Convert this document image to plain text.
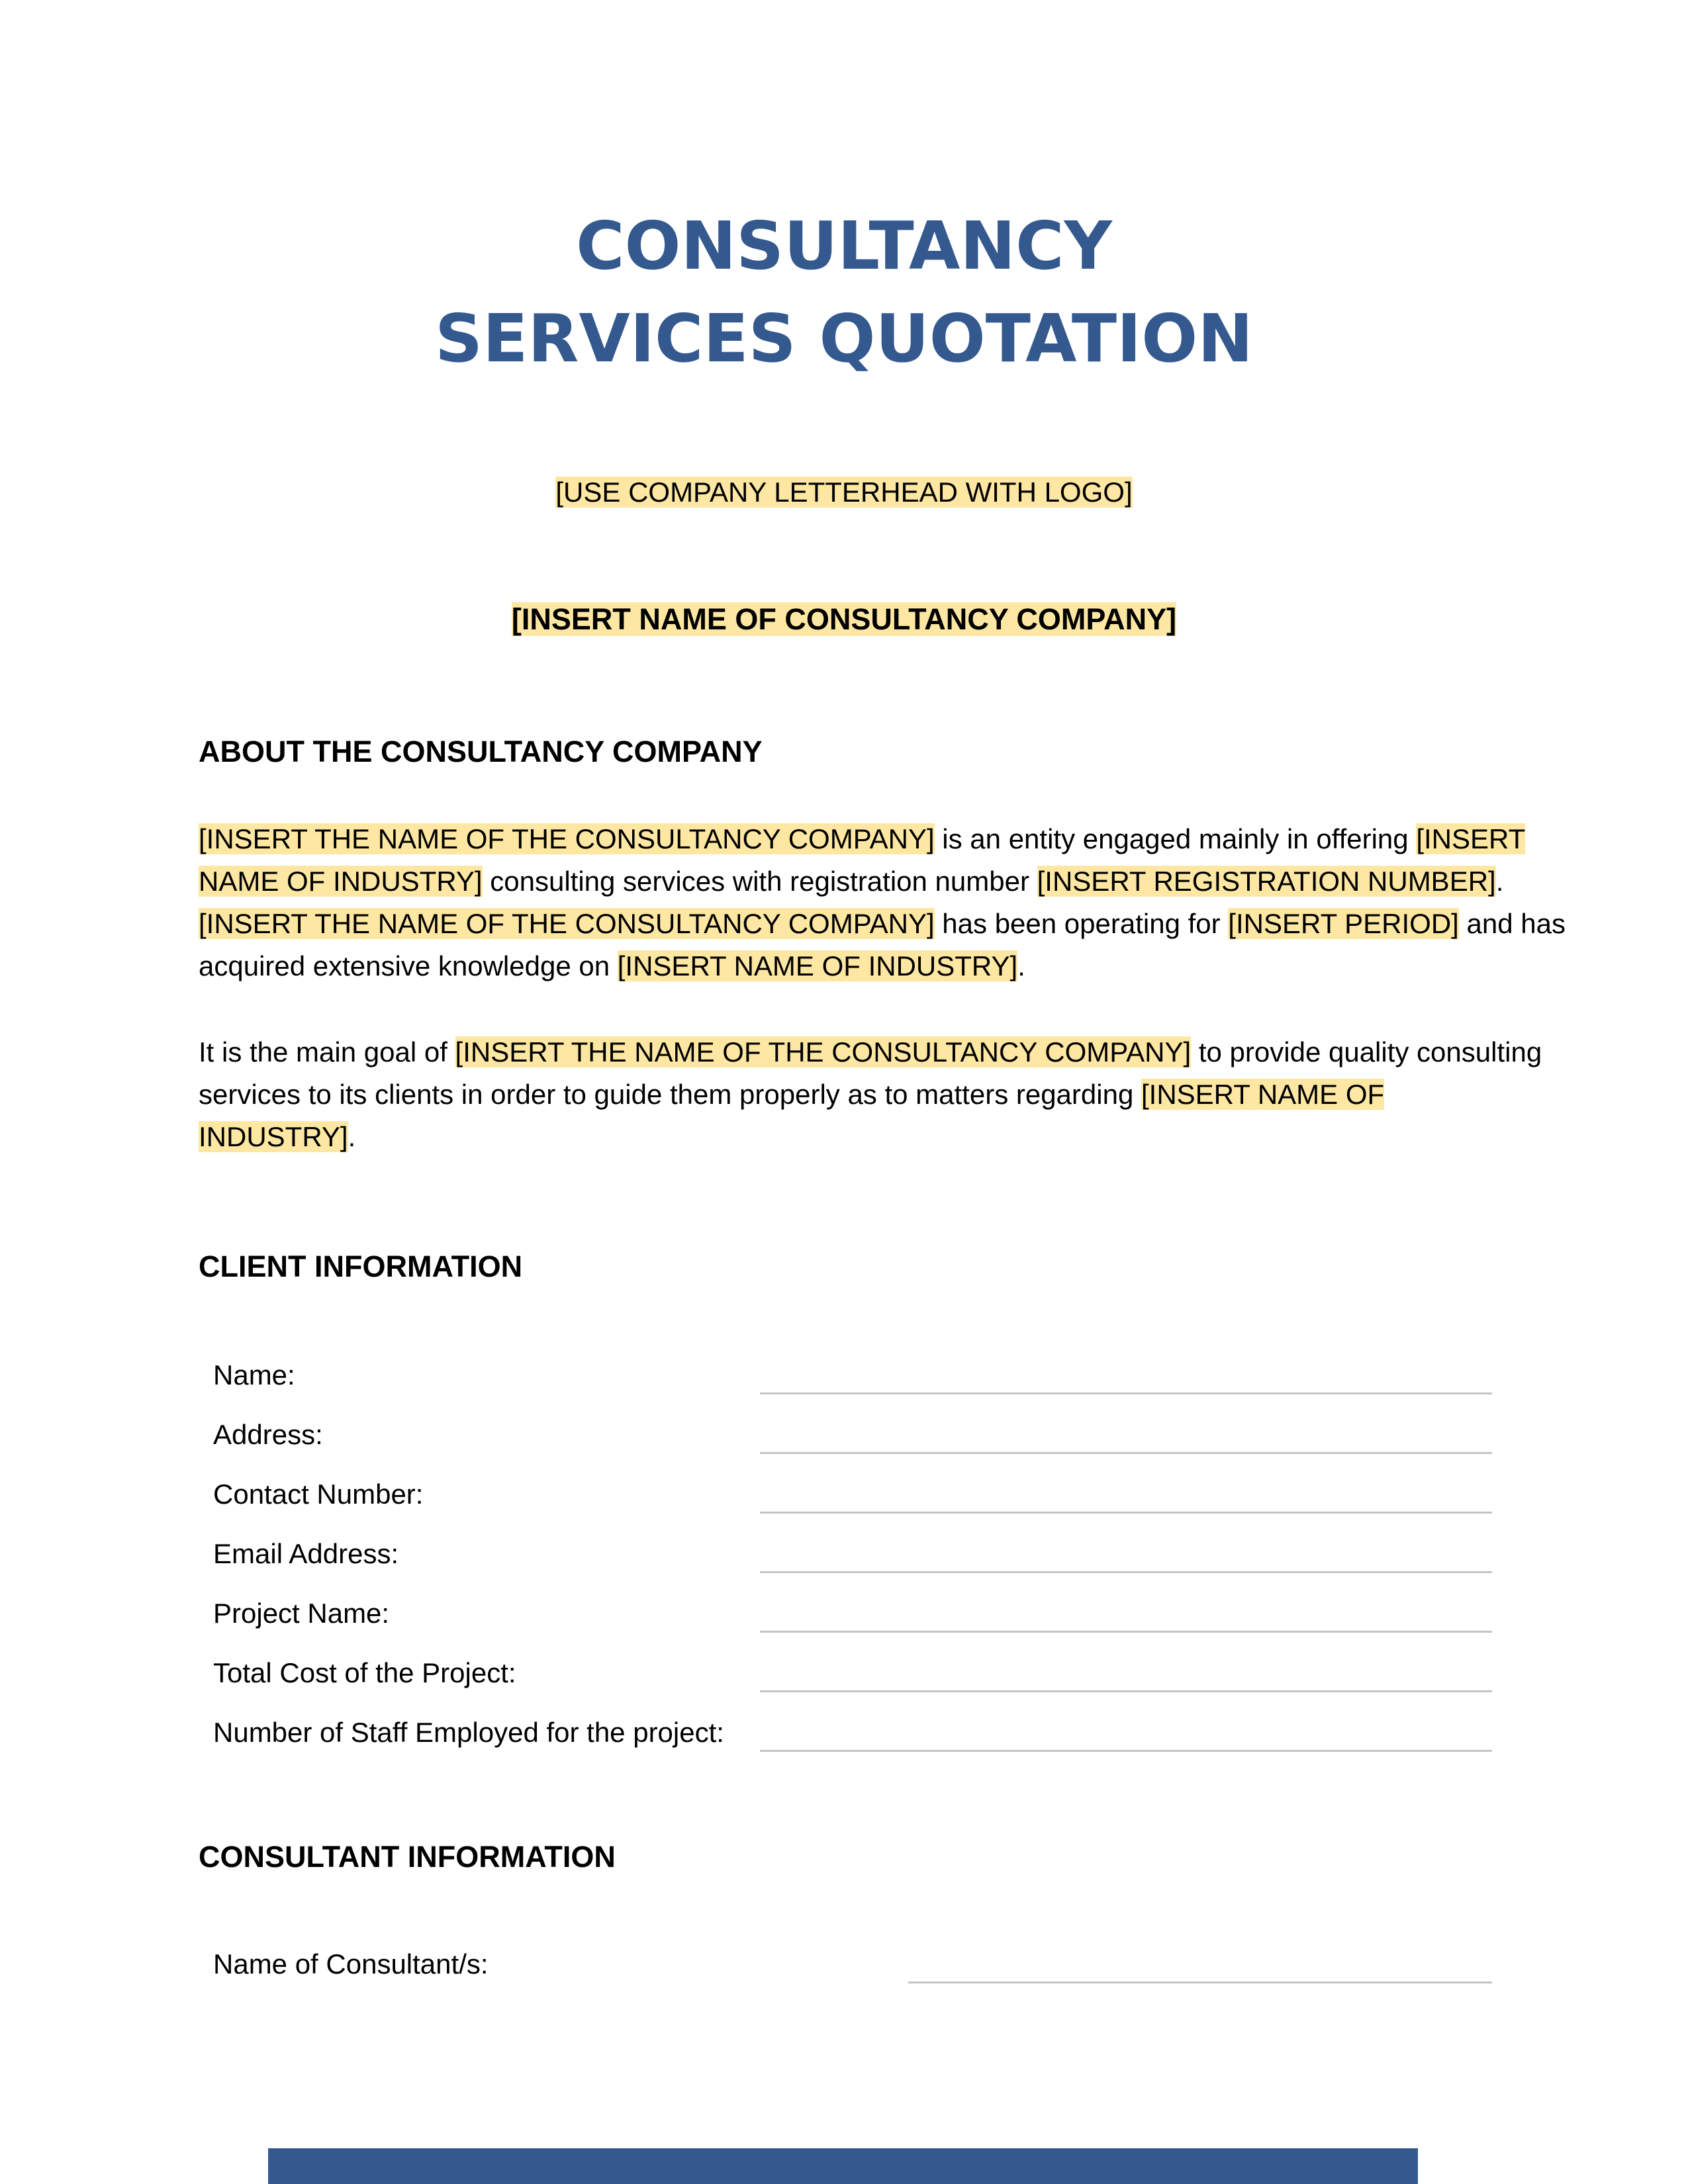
CONSULTANCY
SERVICES QUOTATION
[USE COMPANY LETTERHEAD WITH LOGO]
[INSERT NAME OF CONSULTANCY COMPANY]
ABOUT THE CONSULTANCY COMPANY
[INSERT THE NAME OF THE CONSULTANCY COMPANY] is an entity engaged mainly in offering [INSERT
NAME OF INDUSTRY] consulting services with registration number [INSERT REGISTRATION NUMBER].
[INSERT THE NAME OF THE CONSULTANCY COMPANY] has been operating for [INSERT PERIOD] and has
acquired extensive knowledge on [INSERT NAME OF INDUSTRY].
It is the main goal of [INSERT THE NAME OF THE CONSULTANCY COMPANY] to provide quality consulting
services to its clients in order to guide them properly as to matters regarding [INSERT NAME OF
INDUSTRY].
CLIENT INFORMATION
Name:
Address:
Contact Number:
Email Address:
Project Name:
Total Cost of the Project:
Number of Staff Employed for the project:
CONSULTANT INFORMATION
Name of Consultant/s:
